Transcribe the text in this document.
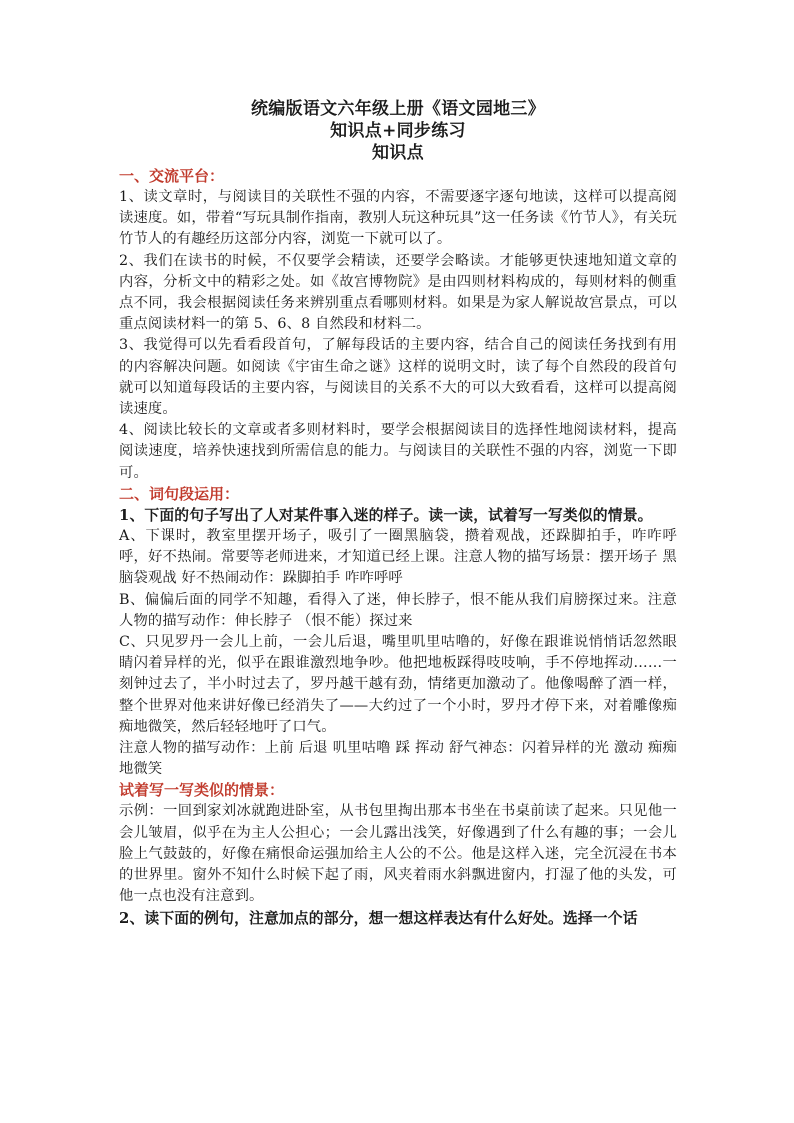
统编版语文六年级上册《语文园地三》
知识点+同步练习
知识点
一、交流平台：

1、读文章时，与阅读目的关联性不强的内容，不需要逐字逐句地读，这样可以提高阅读速度。如，带着“写玩具制作指南，教别人玩这种玩具”这一任务读《竹节人》，有关玩竹节人的有趣经历这部分内容，浏览一下就可以了。

2、我们在读书的时候，不仅要学会精读，还要学会略读。才能够更快速地知道文章的内容，分析文中的精彩之处。如《故宫博物院》是由四则材料构成的，每则材料的侧重点不同，我会根据阅读任务来辨别重点看哪则材料。如果是为家人解说故宫景点，可以重点阅读材料一的第 5、6、8 自然段和材料二。

3、我觉得可以先看看段首句，了解每段话的主要内容，结合自己的阅读任务找到有用的内容解决问题。如阅读《宇宙生命之谜》这样的说明文时，读了每个自然段的段首句就可以知道每段话的主要内容，与阅读目的关系不大的可以大致看看，这样可以提高阅读速度。

4、阅读比较长的文章或者多则材料时，要学会根据阅读目的选择性地阅读材料，提高阅读速度，培养快速找到所需信息的能力。与阅读目的关联性不强的内容，浏览一下即可。

二、词句段运用：

1、下面的句子写出了人对某件事入迷的样子。读一读，试着写一写类似的情景。

A、下课时，教室里摆开场子，吸引了一圈黑脑袋，攒着观战，还跺脚拍手，咋咋呼呼，好不热闹。常要等老师进来，才知道已经上课。注意人物的描写场景：摆开场子 黑脑袋观战 好不热闹动作：跺脚拍手 咋咋呼呼

B、偏偏后面的同学不知趣，看得入了迷，伸长脖子，恨不能从我们肩膀探过来。注意人物的描写动作：伸长脖子 （恨不能）探过来

C、只见罗丹一会儿上前，一会儿后退，嘴里叽里咕噜的，好像在跟谁说悄悄话忽然眼睛闪着异样的光，似乎在跟谁激烈地争吵。他把地板踩得吱吱响，手不停地挥动……一刻钟过去了，半小时过去了，罗丹越干越有劲，情绪更加激动了。他像喝醉了酒一样，整个世界对他来讲好像已经消失了——大约过了一个小时，罗丹才停下来，对着雕像痴痴地微笑，然后轻轻地吁了口气。

注意人物的描写动作：上前 后退 叽里咕噜 踩 挥动 舒气神态：闪着异样的光 激动 痴痴地微笑

试着写一写类似的情景：

示例：一回到家刘冰就跑进卧室，从书包里掏出那本书坐在书桌前读了起来。只见他一会儿皱眉，似乎在为主人公担心；一会儿露出浅笑，好像遇到了什么有趣的事；一会儿脸上气鼓鼓的，好像在痛恨命运强加给主人公的不公。他是这样入迷，完全沉浸在书本的世界里。窗外不知什么时候下起了雨，风夹着雨水斜飘进窗内，打湿了他的头发，可他一点也没有注意到。

2、读下面的例句，注意加点的部分，想一想这样表达有什么好处。选择一个话
